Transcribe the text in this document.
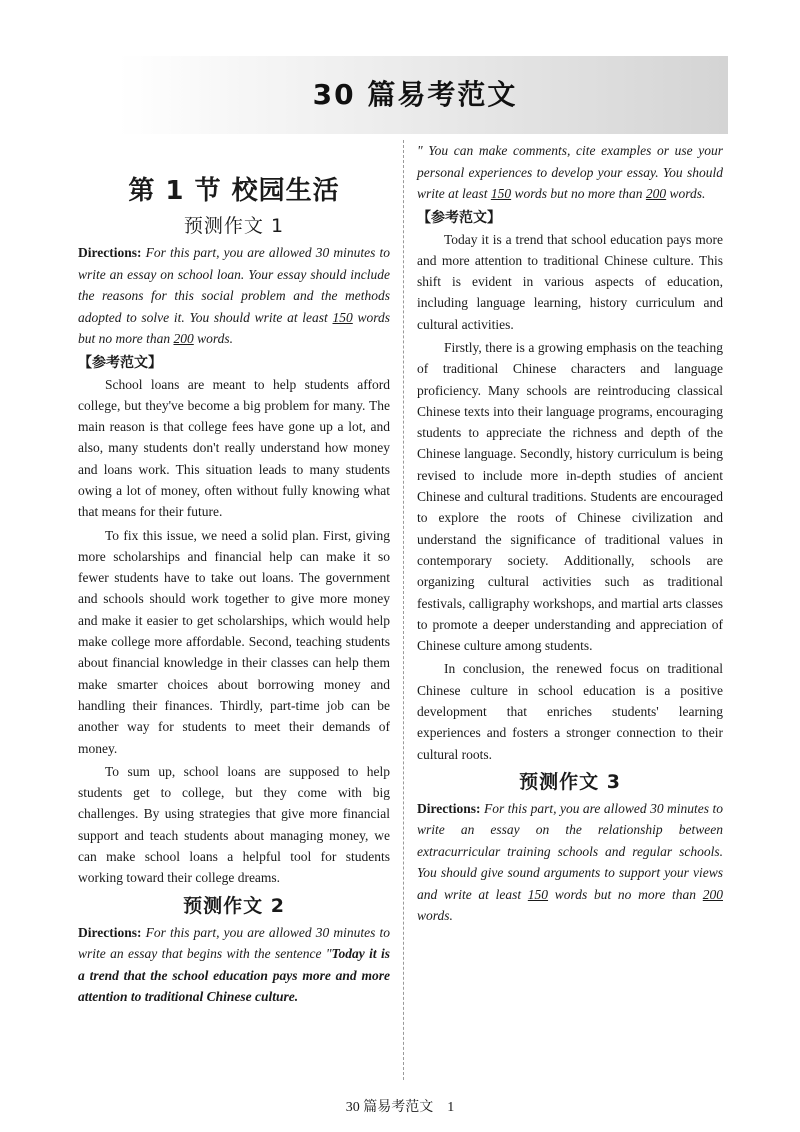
30 篇易考范文
第 1 节 校园生活
预测作文 1

Directions: For this part, you are allowed 30 minutes to write an essay on school loan. Your essay should include the reasons for this social problem and the methods adopted to solve it. You should write at least 150 words but no more than 200 words.

【参考范文】

School loans are meant to help students afford college, but they've become a big problem for many. The main reason is that college fees have gone up a lot, and also, many students don't really understand how money and loans work. This situation leads to many students owing a lot of money, often without fully knowing what that means for their future.

To fix this issue, we need a solid plan. First, giving more scholarships and financial help can make it so fewer students have to take out loans. The government and schools should work together to give more money and make it easier to get scholarships, which would help make college more affordable. Second, teaching students about financial knowledge in their classes can help them make smarter choices about borrowing money and handling their finances. Thirdly, part-time job can be another way for students to meet their demands of money.

To sum up, school loans are supposed to help students get to college, but they come with big challenges. By using strategies that give more financial support and teach students about managing money, we can make school loans a helpful tool for students working toward their college dreams.

预测作文 2

Directions: For this part, you are allowed 30 minutes to write an essay that begins with the sentence "Today it is a trend that the school education pays more and more attention to traditional Chinese culture.

" You can make comments, cite examples or use your personal experiences to develop your essay. You should write at least 150 words but no more than 200 words.

【参考范文】

Today it is a trend that school education pays more and more attention to traditional Chinese culture. This shift is evident in various aspects of education, including language learning, history curriculum and cultural activities.

Firstly, there is a growing emphasis on the teaching of traditional Chinese characters and language proficiency. Many schools are reintroducing classical Chinese texts into their language programs, encouraging students to appreciate the richness and depth of the Chinese language. Secondly, history curriculum is being revised to include more in-depth studies of ancient Chinese and cultural traditions. Students are encouraged to explore the roots of Chinese civilization and understand the significance of traditional values in contemporary society. Additionally, schools are organizing cultural activities such as traditional festivals, calligraphy workshops, and martial arts classes to promote a deeper understanding and appreciation of Chinese culture among students.

In conclusion, the renewed focus on traditional Chinese culture in school education is a positive development that enriches students' learning experiences and fosters a stronger connection to their cultural roots.

预测作文 3

Directions: For this part, you are allowed 30 minutes to write an essay on the relationship between extracurricular training schools and regular schools. You should give sound arguments to support your views and write at least 150 words but no more than 200 words.

30 篇易考范文 1
